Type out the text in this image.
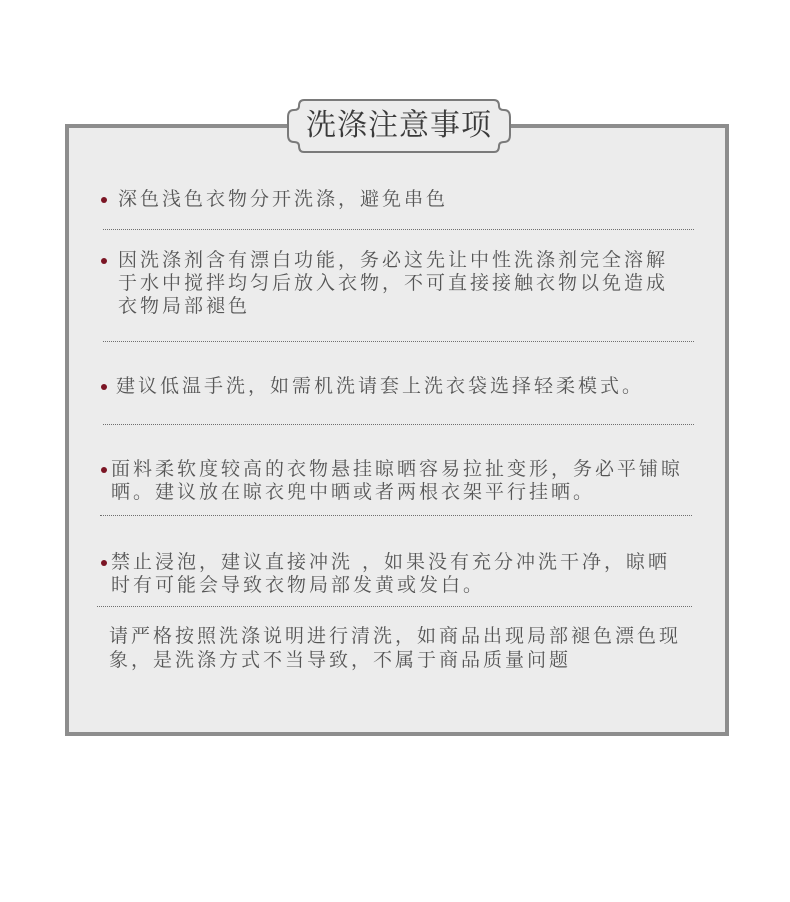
洗涤注意事项
深色浅色衣物分开洗涤，避免串色
因洗涤剂含有漂白功能，务必这先让中性洗涤剂完全溶解于水中搅拌均匀后放入衣物，不可直接接触衣物以免造成衣物局部褪色
建议低温手洗，如需机洗请套上洗衣袋选择轻柔模式。
面料柔软度较高的衣物悬挂晾晒容易拉扯变形，务必平铺晾晒。建议放在晾衣兜中晒或者两根衣架平行挂晒。
禁止浸泡，建议直接冲洗 ，如果没有充分冲洗干净，晾晒时有可能会导致衣物局部发黄或发白。
请严格按照洗涤说明进行清洗，如商品出现局部褪色漂色现象，是洗涤方式不当导致，不属于商品质量问题
